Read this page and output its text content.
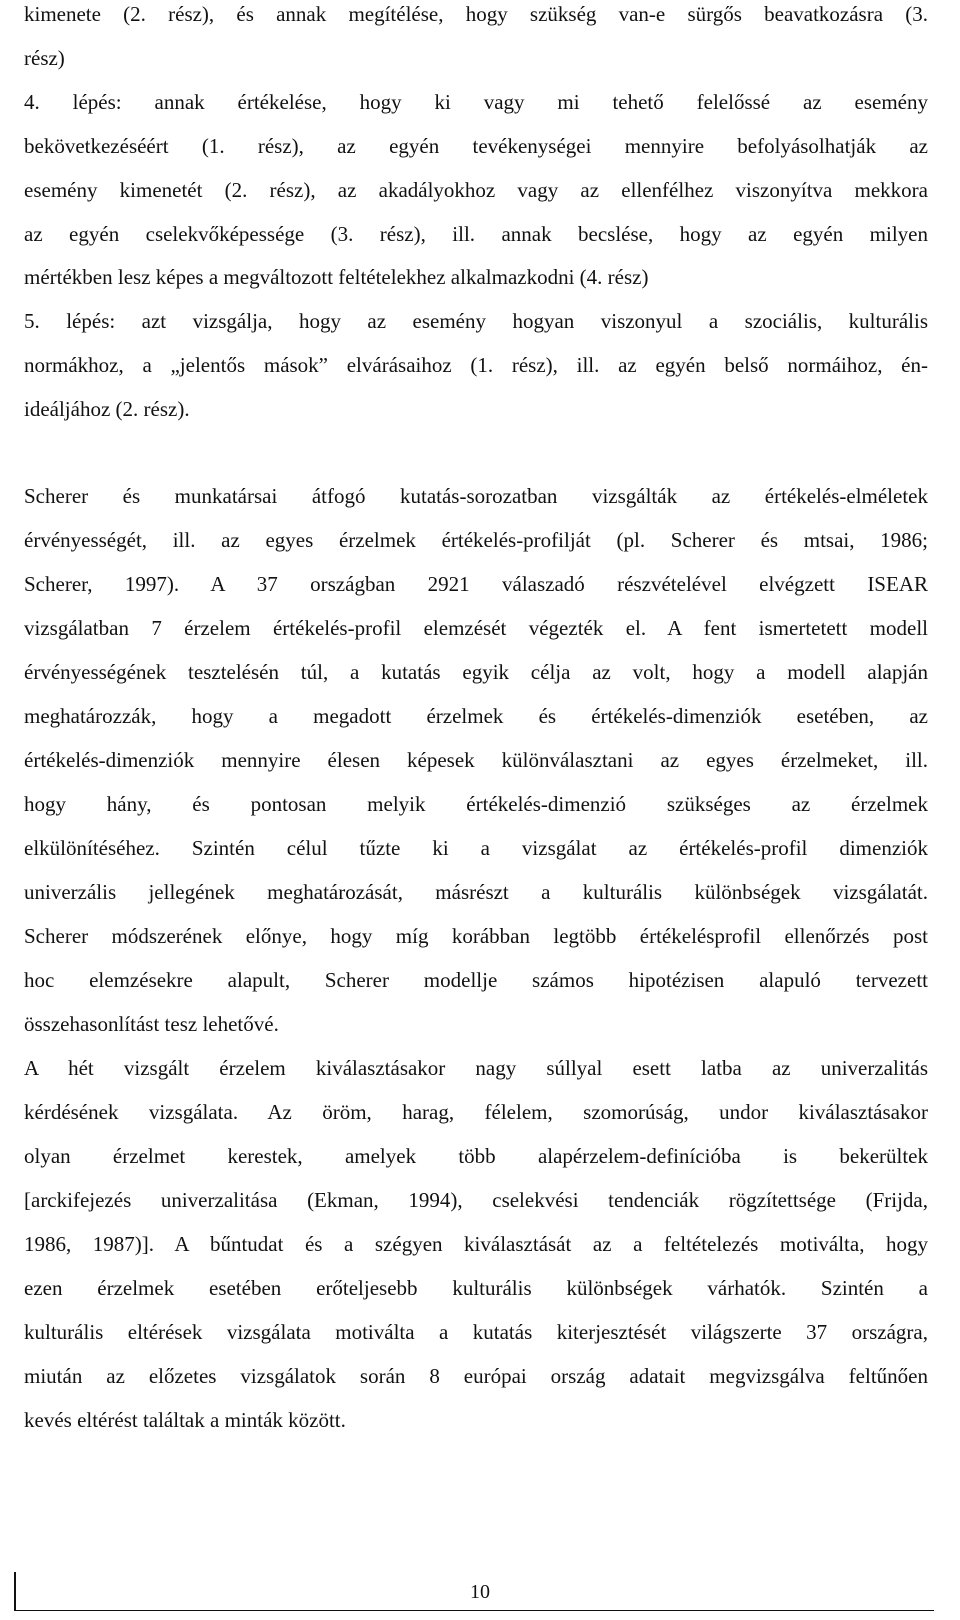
kimenete (2. rész), és annak megítélése, hogy szükség van-e sürgős beavatkozásra (3.
rész)
4. lépés: annak értékelése, hogy ki vagy mi tehető felelőssé az esemény
bekövetkezéséért (1. rész), az egyén tevékenységei mennyire befolyásolhatják az
esemény kimenetét (2. rész), az akadályokhoz vagy az ellenfélhez viszonyítva mekkora
az egyén cselekvőképessége (3. rész), ill. annak becslése, hogy az egyén milyen
mértékben lesz képes a megváltozott feltételekhez alkalmazkodni (4. rész)
5. lépés: azt vizsgálja, hogy az esemény hogyan viszonyul a szociális, kulturális
normákhoz, a „jelentős mások” elvárásaihoz (1. rész), ill. az egyén belső normáihoz, én-
ideáljához (2. rész).
Scherer és munkatársai átfogó kutatás-sorozatban vizsgálták az értékelés-elméletek
érvényességét, ill. az egyes érzelmek értékelés-profilját (pl. Scherer és mtsai, 1986;
Scherer, 1997). A 37 országban 2921 válaszadó részvételével elvégzett ISEAR
vizsgálatban 7 érzelem értékelés-profil elemzését végezték el. A fent ismertetett modell
érvényességének tesztelésén túl, a kutatás egyik célja az volt, hogy a modell alapján
meghatározzák, hogy a megadott érzelmek és értékelés-dimenziók esetében, az
értékelés-dimenziók mennyire élesen képesek különválasztani az egyes érzelmeket, ill.
hogy hány, és pontosan melyik értékelés-dimenzió szükséges az érzelmek
elkülönítéséhez. Szintén célul tűzte ki a vizsgálat az értékelés-profil dimenziók
univerzális jellegének meghatározását, másrészt a kulturális különbségek vizsgálatát.
Scherer módszerének előnye, hogy míg korábban legtöbb értékelésprofil ellenőrzés post
hoc elemzésekre alapult, Scherer modellje számos hipotézisen alapuló tervezett
összehasonlítást tesz lehetővé.
A hét vizsgált érzelem kiválasztásakor nagy súllyal esett latba az univerzalitás
kérdésének vizsgálata. Az öröm, harag, félelem, szomorúság, undor kiválasztásakor
olyan érzelmet kerestek, amelyek több alapérzelem-definícióba is bekerültek
[arckifejezés univerzalitása (Ekman, 1994), cselekvési tendenciák rögzítettsége (Frijda,
1986, 1987)]. A bűntudat és a szégyen kiválasztását az a feltételezés motiválta, hogy
ezen érzelmek esetében erőteljesebb kulturális különbségek várhatók. Szintén a
kulturális eltérések vizsgálata motiválta a kutatás kiterjesztését világszerte 37 országra,
miután az előzetes vizsgálatok során 8 európai ország adatait megvizsgálva feltűnően
kevés eltérést találtak a minták között.
10
